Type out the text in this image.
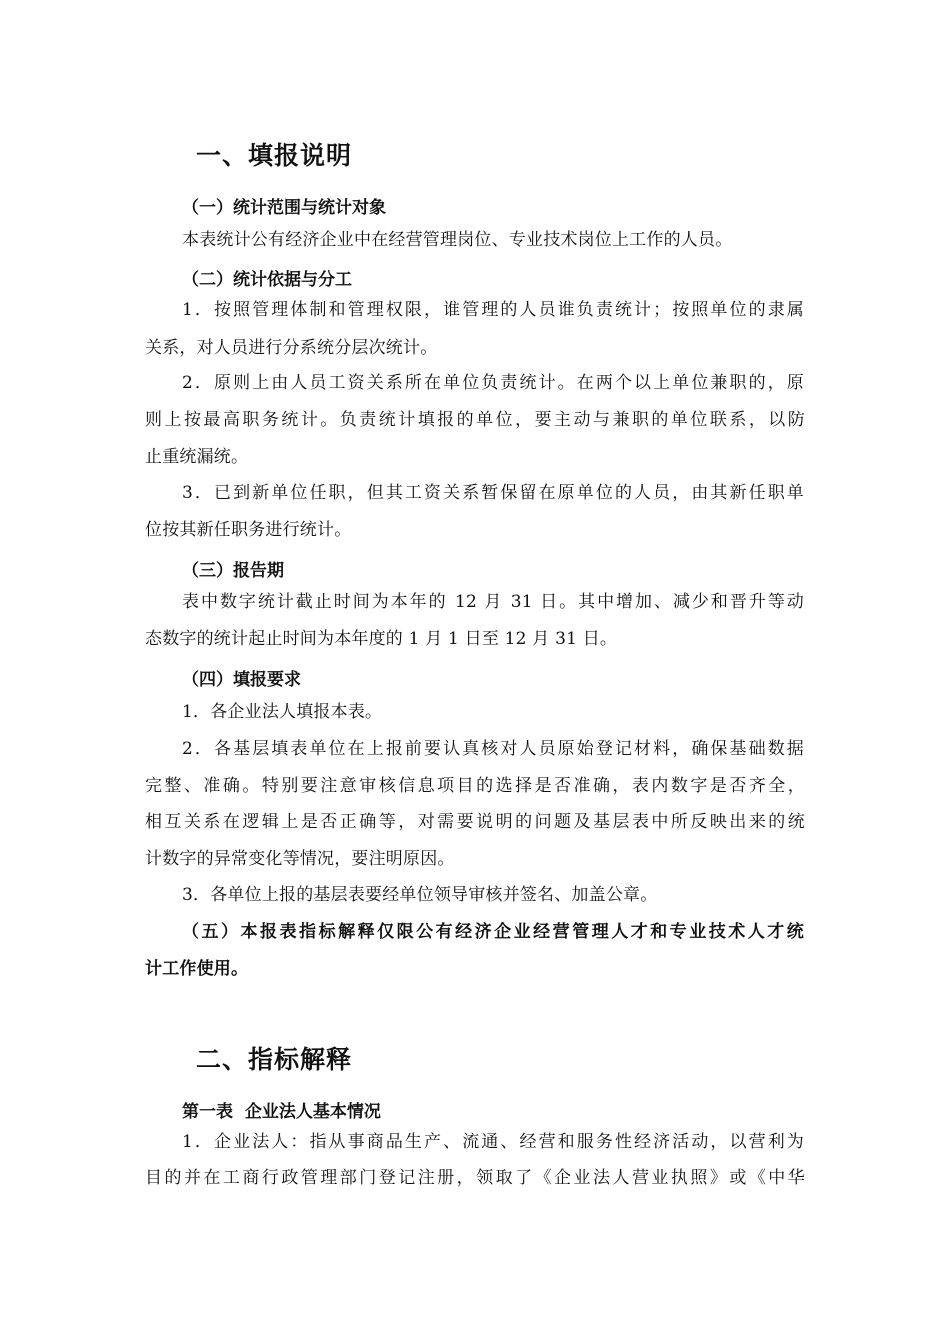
一、填报说明
（一）统计范围与统计对象
本表统计公有经济企业中在经营管理岗位、专业技术岗位上工作的人员。
（二）统计依据与分工
1．按照管理体制和管理权限，谁管理的人员谁负责统计；按照单位的隶属
关系，对人员进行分系统分层次统计。
2．原则上由人员工资关系所在单位负责统计。在两个以上单位兼职的，原
则上按最高职务统计。负责统计填报的单位，要主动与兼职的单位联系，以防
止重统漏统。
3．已到新单位任职，但其工资关系暂保留在原单位的人员，由其新任职单
位按其新任职务进行统计。
（三）报告期
表中数字统计截止时间为本年的 12 月 31 日。其中增加、减少和晋升等动
态数字的统计起止时间为本年度的 1 月 1 日至 12 月 31 日。
（四）填报要求
1．各企业法人填报本表。
2．各基层填表单位在上报前要认真核对人员原始登记材料，确保基础数据
完整、准确。特别要注意审核信息项目的选择是否准确，表内数字是否齐全，
相互关系在逻辑上是否正确等，对需要说明的问题及基层表中所反映出来的统
计数字的异常变化等情况，要注明原因。
3．各单位上报的基层表要经单位领导审核并签名、加盖公章。
（五）本报表指标解释仅限公有经济企业经营管理人才和专业技术人才统
计工作使用。
二、指标解释
第一表  企业法人基本情况
1．企业法人：指从事商品生产、流通、经营和服务性经济活动，以营利为
目的并在工商行政管理部门登记注册，领取了《企业法人营业执照》或《中华
